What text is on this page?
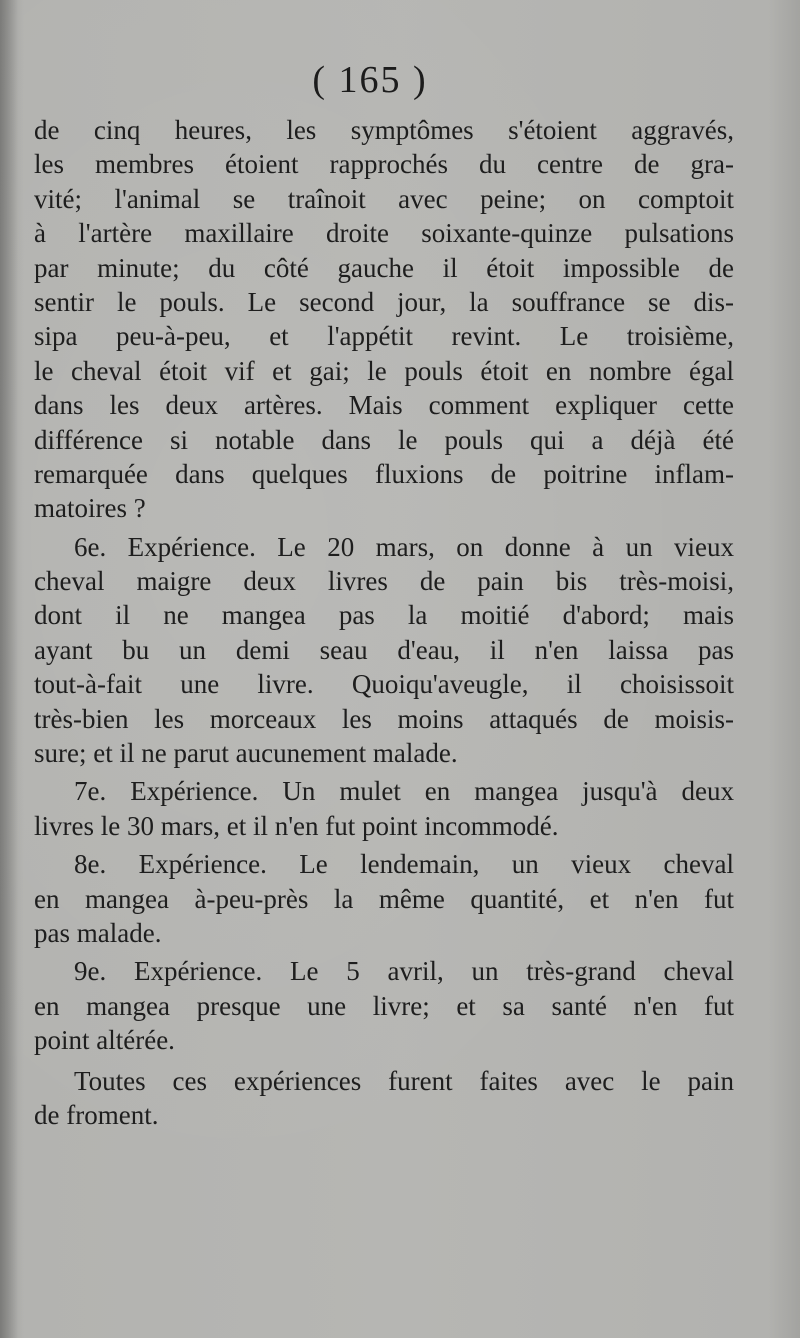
( 165 )
de cinq heures, les symptômes s'étoient aggravés,
les membres étoient rapprochés du centre de gra-
vité; l'animal se traînoit avec peine; on comptoit
à l'artère maxillaire droite soixante-quinze pulsations
par minute; du côté gauche il étoit impossible de
sentir le pouls. Le second jour, la souffrance se dis-
sipa peu-à-peu, et l'appétit revint. Le troisième,
le cheval étoit vif et gai; le pouls étoit en nombre égal
dans les deux artères. Mais comment expliquer cette
différence si notable dans le pouls qui a déjà été
remarquée dans quelques fluxions de poitrine inflam-
matoires ?
6e. Expérience. Le 20 mars, on donne à un vieux
cheval maigre deux livres de pain bis très-moisi,
dont il ne mangea pas la moitié d'abord; mais
ayant bu un demi seau d'eau, il n'en laissa pas
tout-à-fait une livre. Quoiqu'aveugle, il choisissoit
très-bien les morceaux les moins attaqués de moisis-
sure; et il ne parut aucunement malade.
7e. Expérience. Un mulet en mangea jusqu'à deux
livres le 30 mars, et il n'en fut point incommodé.
8e. Expérience. Le lendemain, un vieux cheval
en mangea à-peu-près la même quantité, et n'en fut
pas malade.
9e. Expérience. Le 5 avril, un très-grand cheval
en mangea presque une livre; et sa santé n'en fut
point altérée.
Toutes ces expériences furent faites avec le pain
de froment.
